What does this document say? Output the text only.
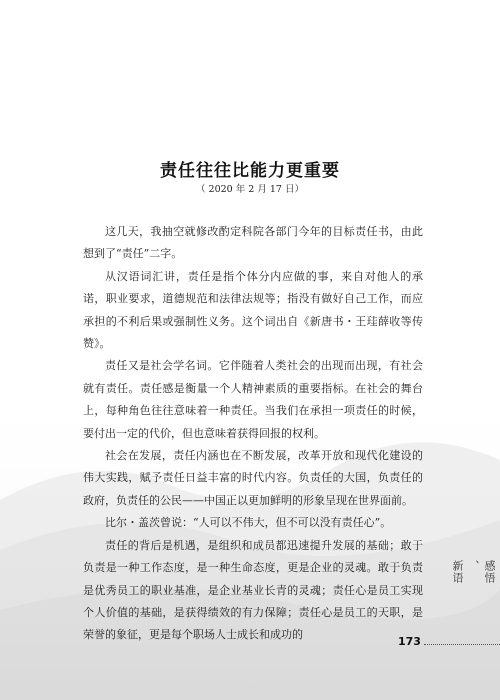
责任往往比能力更重要
（ 2020 年 2 月 17 日）

这几天，我抽空就修改酌定科院各部门今年的目标责任书，由此想到了“责任”二字。

从汉语词汇讲，责任是指个体分内应做的事，来自对他人的承诺，职业要求，道德规范和法律法规等；指没有做好自己工作，而应承担的不利后果或强制性义务。这个词出自《新唐书・王珪薛收等传赞》。

责任又是社会学名词。它伴随着人类社会的出现而出现，有社会就有责任。责任感是衡量一个人精神素质的重要指标。在社会的舞台上，每种角色往往意味着一种责任。当我们在承担一项责任的时候，要付出一定的代价，但也意味着获得回报的权利。

社会在发展，责任内涵也在不断发展，改革开放和现代化建设的伟大实践，赋予责任日益丰富的时代内容。负责任的大国，负责任的政府，负责任的公民——中国正以更加鲜明的形象呈现在世界面前。

比尔・盖茨曾说：“人可以不伟大，但不可以没有责任心”。

责任的背后是机遇，是组织和成员都迅速提升发展的基础；敢于负责是一种工作态度，是一种生命态度，更是企业的灵魂。敢于负责是优秀员工的职业基准，是企业基业长青的灵魂；责任心是员工实现个人价值的基础，是获得绩效的有力保障；责任心是员工的天职，是荣誉的象征，更是每个职场人士成长和成功的

感悟
、
新语
173
